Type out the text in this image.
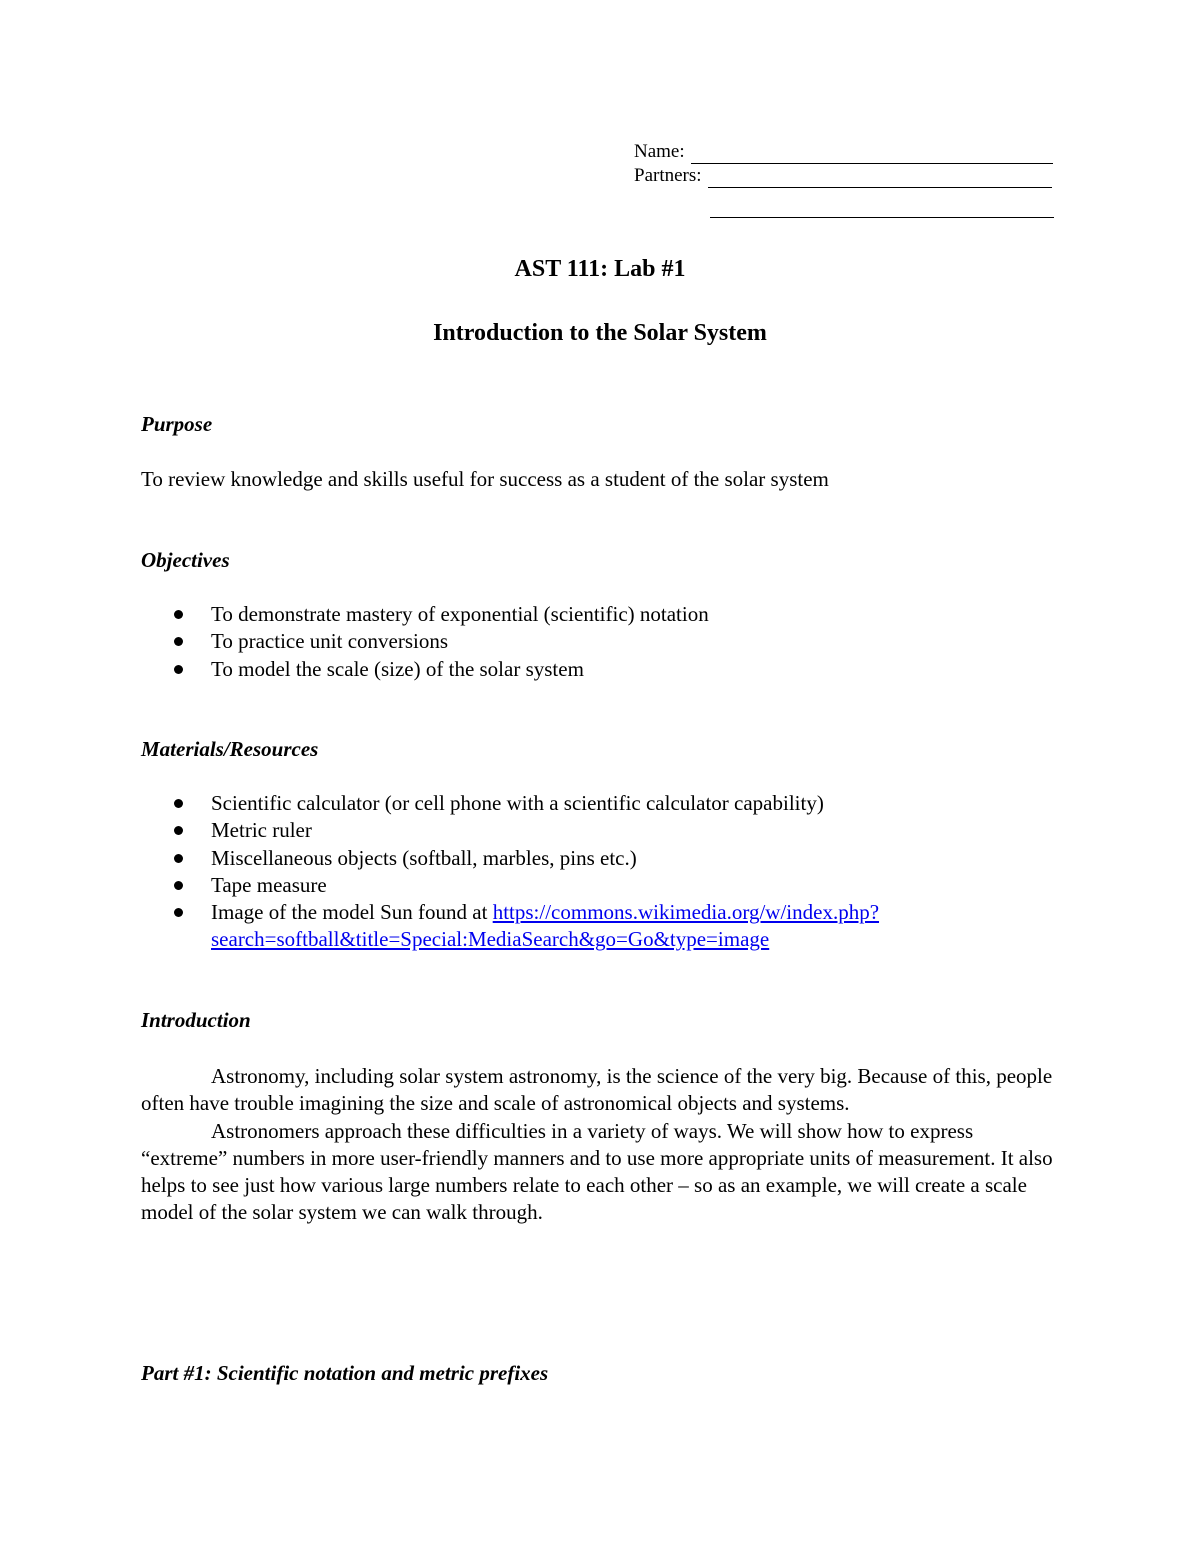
Name:
Partners:
AST 111: Lab #1
Introduction to the Solar System
Purpose
To review knowledge and skills useful for success as a student of the solar system
Objectives
To demonstrate mastery of exponential (scientific) notation
To practice unit conversions
To model the scale (size) of the solar system
Materials/Resources
Scientific calculator (or cell phone with a scientific calculator capability)
Metric ruler
Miscellaneous objects (softball, marbles, pins etc.)
Tape measure
Image of the model Sun found at https://commons.wikimedia.org/w/index.php?
search=softball&title=Special:MediaSearch&go=Go&type=image
Introduction

Astronomy, including solar system astronomy, is the science of the very big. Because of this, people often have trouble imagining the size and scale of astronomical objects and systems.

Astronomers approach these difficulties in a variety of ways. We will show how to express “extreme” numbers in more user-friendly manners and to use more appropriate units of measurement. It also helps to see just how various large numbers relate to each other – so as an example, we will create a scale model of the solar system we can walk through.

Part #1: Scientific notation and metric prefixes
